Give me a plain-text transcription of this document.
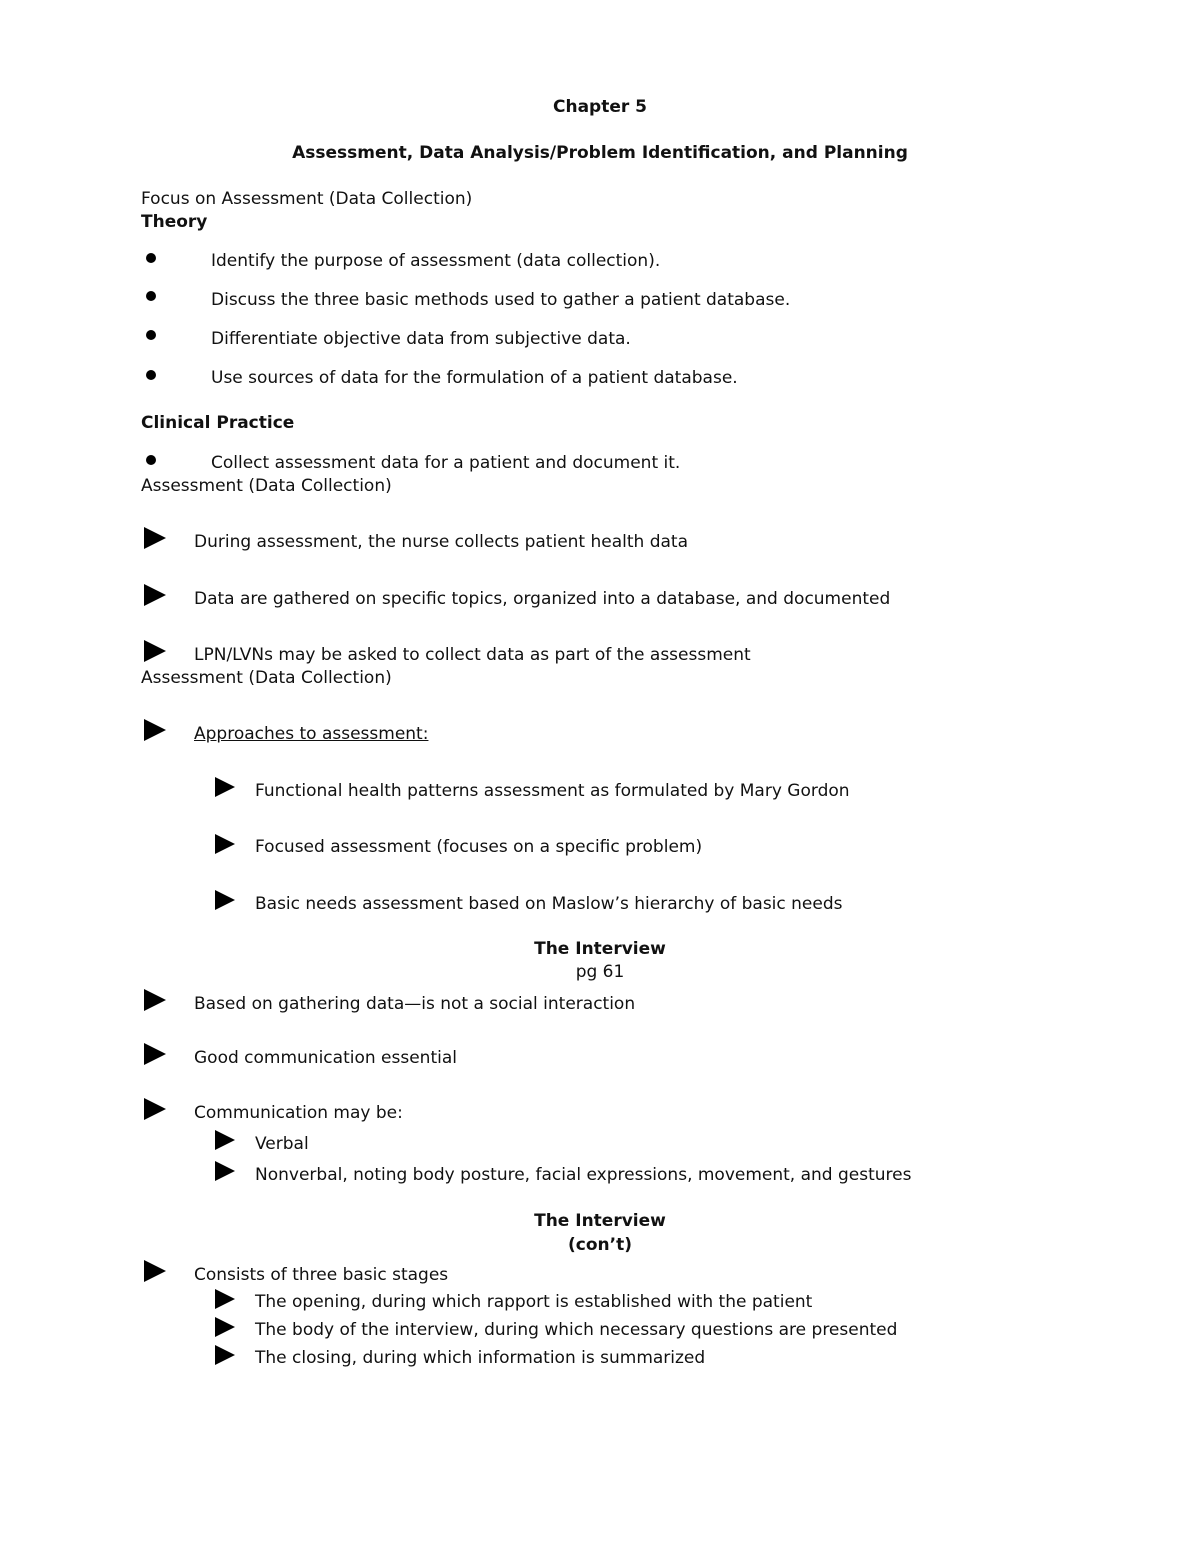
Chapter 5
Assessment, Data Analysis/Problem Identification, and Planning
Focus on Assessment (Data Collection)
Theory
Identify the purpose of assessment (data collection).
Discuss the three basic methods used to gather a patient database.
Differentiate objective data from subjective data.
Use sources of data for the formulation of a patient database.
Clinical Practice
Collect assessment data for a patient and document it.
Assessment (Data Collection)
During assessment, the nurse collects patient health data
Data are gathered on specific topics, organized into a database, and documented
LPN/LVNs may be asked to collect data as part of the assessment
Assessment (Data Collection)
Approaches to assessment:
Functional health patterns assessment as formulated by Mary Gordon
Focused assessment (focuses on a specific problem)
Basic needs assessment based on Maslow’s hierarchy of basic needs
The Interview
pg 61
Based on gathering data—is not a social interaction
Good communication essential
Communication may be:
Verbal
Nonverbal, noting body posture, facial expressions, movement, and gestures
The Interview
(con’t)
Consists of three basic stages
The opening, during which rapport is established with the patient
The body of the interview, during which necessary questions are presented
The closing, during which information is summarized
